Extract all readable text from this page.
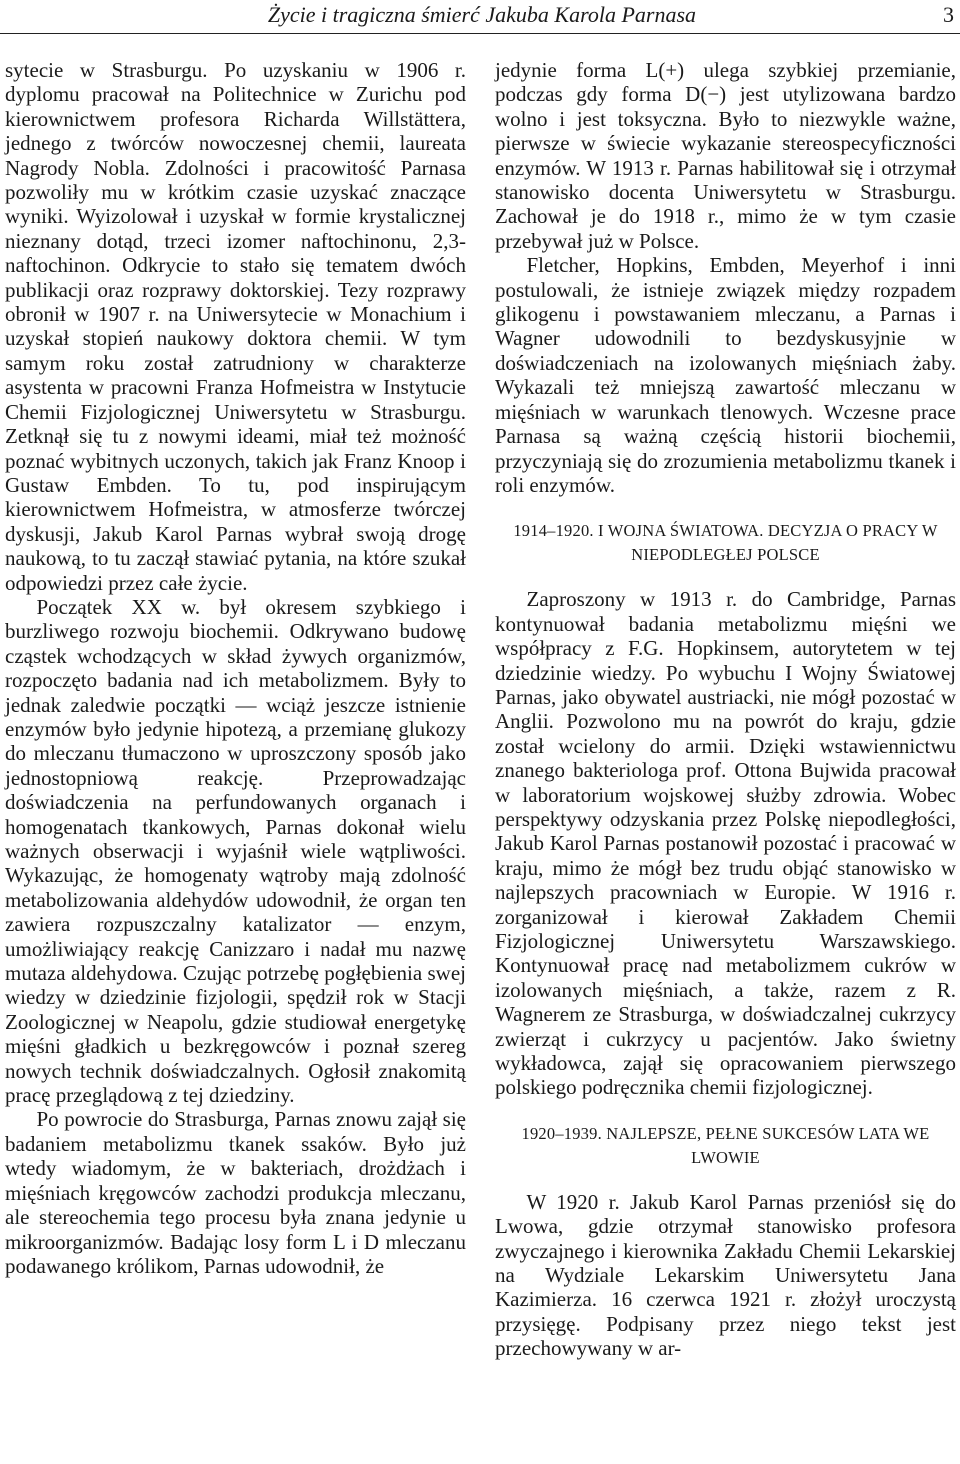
Życie i tragiczna śmierć Jakuba Karola Parnasa	3

sytecie w Strasburgu. Po uzyskaniu w 1906 r. dyplomu pracował na Politechnice w Zurichu pod kierownictwem profesora Richarda Willstättera, jednego z twórców nowoczesnej chemii, laureata Nagrody Nobla. Zdolności i pracowitość Parnasa pozwoliły mu w krótkim czasie uzyskać znaczące wyniki. Wyizolował i uzyskał w formie krystalicznej nieznany dotąd, trzeci izomer naftochinonu, 2,3-naftochinon. Odkrycie to stało się tematem dwóch publikacji oraz rozprawy doktorskiej. Tezy rozprawy obronił w 1907 r. na Uniwersytecie w Monachium i uzyskał stopień naukowy doktora chemii. W tym samym roku został zatrudniony w charakterze asystenta w pracowni Franza Hofmeistra w Instytucie Chemii Fizjologicznej Uniwersytetu w Strasburgu. Zetknął się tu z nowymi ideami, miał też możność poznać wybitnych uczonych, takich jak Franz Knoop i Gustaw Embden. To tu, pod inspirującym kierownictwem Hofmeistra, w atmosferze twórczej dyskusji, Jakub Karol Parnas wybrał swoją drogę naukową, to tu zaczął stawiać pytania, na które szukał odpowiedzi przez całe życie.

Początek XX w. był okresem szybkiego i burzliwego rozwoju biochemii. Odkrywano budowę cząstek wchodzących w skład żywych organizmów, rozpoczęto badania nad ich metabolizmem. Były to jednak zaledwie początki — wciąż jeszcze istnienie enzymów było jedynie hipotezą, a przemianę glukozy do mleczanu tłumaczono w uproszczony sposób jako jednostopniową reakcję. Przeprowadzając doświadczenia na perfundowanych organach i homogenatach tkankowych, Parnas dokonał wielu ważnych obserwacji i wyjaśnił wiele wątpliwości. Wykazując, że homogenaty wątroby mają zdolność metabolizowania aldehydów udowodnił, że organ ten zawiera rozpuszczalny katalizator — enzym, umożliwiający reakcję Canizzaro i nadał mu nazwę mutaza aldehydowa. Czując potrzebę pogłębienia swej wiedzy w dziedzinie fizjologii, spędził rok w Stacji Zoologicznej w Neapolu, gdzie studiował energetykę mięśni gładkich u bezkręgowców i poznał szereg nowych technik doświadczalnych. Ogłosił znakomitą pracę przeglądową z tej dziedziny.

Po powrocie do Strasburga, Parnas znowu zajął się badaniem metabolizmu tkanek ssaków. Było już wtedy wiadomym, że w bakteriach, drożdżach i mięśniach kręgowców zachodzi produkcja mleczanu, ale stereochemia tego procesu była znana jedynie u mikroorganizmów. Badając losy form L i D mleczanu podawanego królikom, Parnas udowodnił, że

jedynie forma L(+) ulega szybkiej przemianie, podczas gdy forma D(−) jest utylizowana bardzo wolno i jest toksyczna. Było to niezwykle ważne, pierwsze w świecie wykazanie stereospecyficzności enzymów. W 1913 r. Parnas habilitował się i otrzymał stanowisko docenta Uniwersytetu w Strasburgu. Zachował je do 1918 r., mimo że w tym czasie przebywał już w Polsce.

Fletcher, Hopkins, Embden, Meyerhof i inni postulowali, że istnieje związek między rozpadem glikogenu i powstawaniem mleczanu, a Parnas i Wagner udowodnili to bezdyskusyjnie w doświadczeniach na izolowanych mięśniach żaby. Wykazali też mniejszą zawartość mleczanu w mięśniach w warunkach tlenowych. Wczesne prace Parnasa są ważną częścią historii biochemii, przyczyniają się do zrozumienia metabolizmu tkanek i roli enzymów.

1914–1920. I WOJNA ŚWIATOWA. DECYZJA O PRACY W NIEPODLEGŁEJ POLSCE

Zaproszony w 1913 r. do Cambridge, Parnas kontynuował badania metabolizmu mięśni we współpracy z F.G. Hopkinsem, autorytetem w tej dziedzinie wiedzy. Po wybuchu I Wojny Światowej Parnas, jako obywatel austriacki, nie mógł pozostać w Anglii. Pozwolono mu na powrót do kraju, gdzie został wcielony do armii. Dzięki wstawiennictwu znanego bakteriologa prof. Ottona Bujwida pracował w laboratorium wojskowej służby zdrowia. Wobec perspektywy odzyskania przez Polskę niepodległości, Jakub Karol Parnas postanowił pozostać i pracować w kraju, mimo że mógł bez trudu objąć stanowisko w najlepszych pracowniach w Europie. W 1916 r. zorganizował i kierował Zakładem Chemii Fizjologicznej Uniwersytetu Warszawskiego. Kontynuował pracę nad metabolizmem cukrów w izolowanych mięśniach, a także, razem z R. Wagnerem ze Strasburga, w doświadczalnej cukrzycy zwierząt i cukrzycy u pacjentów. Jako świetny wykładowca, zajął się opracowaniem pierwszego polskiego podręcznika chemii fizjologicznej.

1920–1939. NAJLEPSZE, PEŁNE SUKCESÓW LATA WE LWOWIE

W 1920 r. Jakub Karol Parnas przeniósł się do Lwowa, gdzie otrzymał stanowisko profesora zwyczajnego i kierownika Zakładu Chemii Lekarskiej na Wydziale Lekarskim Uniwersytetu Jana Kazimierza. 16 czerwca 1921 r. złożył uroczystą przysięgę. Podpisany przez niego tekst jest przechowywany w ar-
